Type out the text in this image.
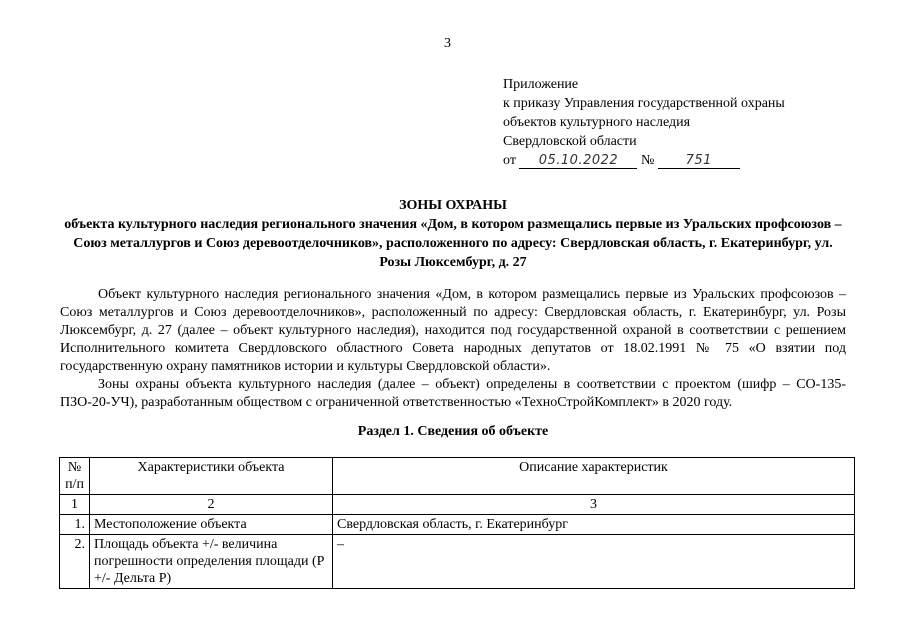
3
Приложение
к приказу Управления государственной охраны
объектов культурного наследия
Свердловской области
от 05.10.2022 № 751
ЗОНЫ ОХРАНЫ
объекта культурного наследия регионального значения «Дом, в котором размещались первые из Уральских профсоюзов – Союз металлургов и Союз деревоотделочников», расположенного по адресу: Свердловская область, г. Екатеринбург, ул. Розы Люксембург, д. 27

Объект культурного наследия регионального значения «Дом, в котором размещались первые из Уральских профсоюзов – Союз металлургов и Союз деревоотделочников», расположенный по адресу: Свердловская область, г. Екатеринбург, ул. Розы Люксембург, д. 27 (далее – объект культурного наследия), находится под государственной охраной в соответствии с решением Исполнительного комитета Свердловского областного Совета народных депутатов от 18.02.1991 № 75 «О взятии под государственную охрану памятников истории и культуры Свердловской области».

Зоны охраны объекта культурного наследия (далее – объект) определены в соответствии с проектом (шифр – СО-135-ПЗО-20-УЧ), разработанным обществом с ограниченной ответственностью «ТехноСтройКомплект» в 2020 году.

Раздел 1. Сведения об объекте
№ п/п	Характеристики объекта	Описание характеристик
1	2	3
1.	Местоположение объекта	Свердловская область, г. Екатеринбург
2.	Площадь объекта +/- величина погрешности определения площади (Р +/- Дельта Р)	–
